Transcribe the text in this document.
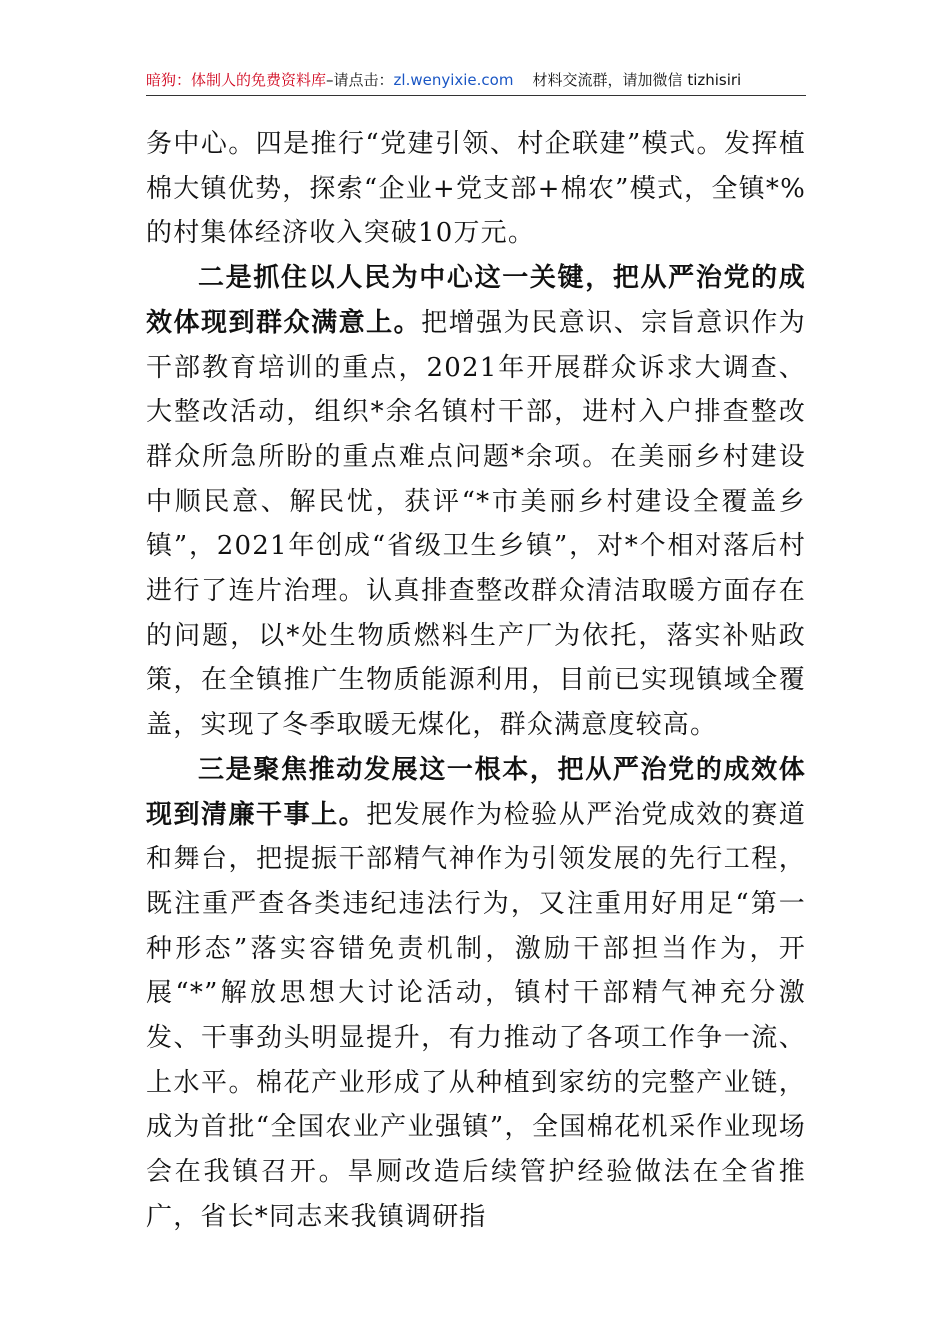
暗狗：体制人的免费资料库–请点击：zl.wenyixie.com 材料交流群，请加微信 tizhisiri

务中心。四是推行“党建引领、村企联建”模式。发挥植棉大镇优势，探索“企业+党支部+棉农”模式，全镇*%的村集体经济收入突破10万元。

二是抓住以人民为中心这一关键，把从严治党的成效体现到群众满意上。把增强为民意识、宗旨意识作为干部教育培训的重点，2021年开展群众诉求大调查、大整改活动，组织*余名镇村干部，进村入户排查整改群众所急所盼的重点难点问题*余项。在美丽乡村建设中顺民意、解民忧，获评“*市美丽乡村建设全覆盖乡镇”，2021年创成“省级卫生乡镇”，对*个相对落后村进行了连片治理。认真排查整改群众清洁取暖方面存在的问题，以*处生物质燃料生产厂为依托，落实补贴政策，在全镇推广生物质能源利用，目前已实现镇域全覆盖，实现了冬季取暖无煤化，群众满意度较高。

三是聚焦推动发展这一根本，把从严治党的成效体现到清廉干事上。把发展作为检验从严治党成效的赛道和舞台，把提振干部精气神作为引领发展的先行工程，既注重严查各类违纪违法行为，又注重用好用足“第一种形态”落实容错免责机制，激励干部担当作为，开展“*”解放思想大讨论活动，镇村干部精气神充分激发、干事劲头明显提升，有力推动了各项工作争一流、上水平。棉花产业形成了从种植到家纺的完整产业链，成为首批“全国农业产业强镇”，全国棉花机采作业现场会在我镇召开。旱厕改造后续管护经验做法在全省推广，省长*同志来我镇调研指
